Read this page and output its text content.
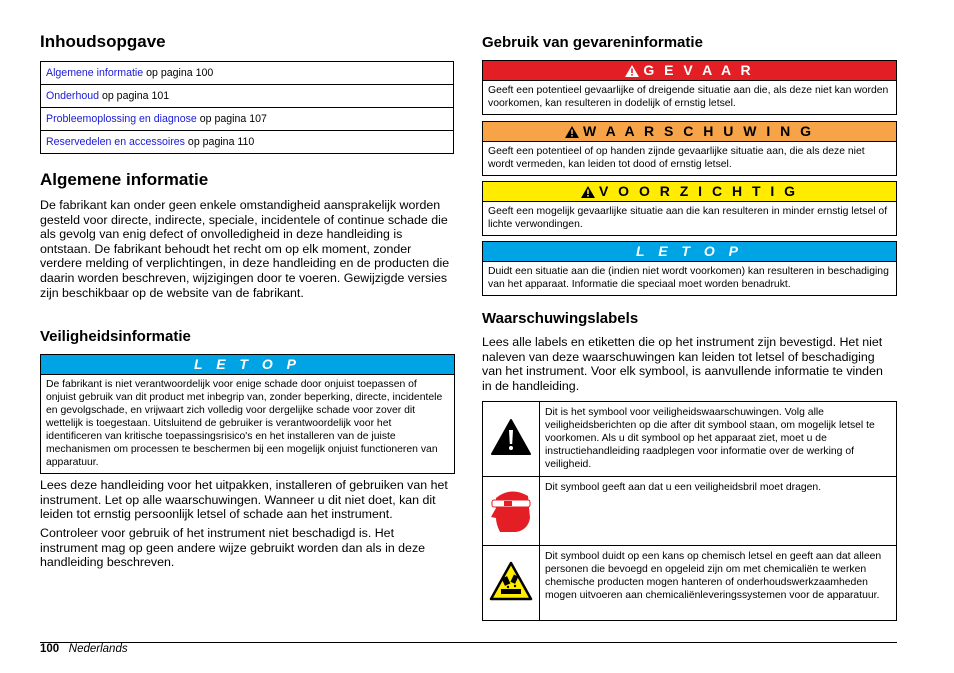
Inhoudsopgave
Algemene informatie op pagina 100
Onderhoud op pagina 101
Probleemoplossing en diagnose op pagina 107
Reservedelen en accessoires op pagina 110
Algemene informatie

De fabrikant kan onder geen enkele omstandigheid aansprakelijk worden gesteld voor directe, indirecte, speciale, incidentele of continue schade die als gevolg van enig defect of onvolledigheid in deze handleiding is ontstaan. De fabrikant behoudt het recht om op elk moment, zonder verdere melding of verplichtingen, in deze handleiding en de producten die daarin worden beschreven, wijzigingen door te voeren. Gewijzigde versies zijn beschikbaar op de website van de fabrikant.

Veiligheidsinformatie
L E T O P
De fabrikant is niet verantwoordelijk voor enige schade door onjuist toepassen of onjuist gebruik van dit product met inbegrip van, zonder beperking, directe, incidentele en gevolgschade, en vrijwaart zich volledig voor dergelijke schade voor zover dit wettelijk is toegestaan. Uitsluitend de gebruiker is verantwoordelijk voor het identificeren van kritische toepassingsrisico's en het installeren van de juiste mechanismen om processen te beschermen bij een mogelijk onjuist functioneren van apparatuur.

Lees deze handleiding voor het uitpakken, installeren of gebruiken van het instrument. Let op alle waarschuwingen. Wanneer u dit niet doet, kan dit leiden tot ernstig persoonlijk letsel of schade aan het instrument.

Controleer voor gebruik of het instrument niet beschadigd is. Het instrument mag op geen andere wijze gebruikt worden dan als in deze handleiding beschreven.

Gebruik van gevareninformatie
G E V A A R
Geeft een potentieel gevaarlijke of dreigende situatie aan die, als deze niet kan worden voorkomen, kan resulteren in dodelijk of ernstig letsel.
W A A R S C H U W I N G
Geeft een potentieel of op handen zijnde gevaarlijke situatie aan, die als deze niet wordt vermeden, kan leiden tot dood of ernstig letsel.
V O O R Z I C H T I G
Geeft een mogelijk gevaarlijke situatie aan die kan resulteren in minder ernstig letsel of lichte verwondingen.
L E T O P
Duidt een situatie aan die (indien niet wordt voorkomen) kan resulteren in beschadiging van het apparaat. Informatie die speciaal moet worden benadrukt.
Waarschuwingslabels

Lees alle labels en etiketten die op het instrument zijn bevestigd. Het niet naleven van deze waarschuwingen kan leiden tot letsel of beschadiging van het instrument. Voor elk symbool, is aanvullende informatie te vinden in de handleiding.

	Dit is het symbool voor veiligheidswaarschuwingen. Volg alle veiligheidsberichten op die after dit symbool staan, om mogelijk letsel te voorkomen. Als u dit symbool op het apparaat ziet, moet u de instructiehandleiding raadplegen voor informatie over de werking of veiligheid.
	Dit symbool geeft aan dat u een veiligheidsbril moet dragen.
	Dit symbool duidt op een kans op chemisch letsel en geeft aan dat alleen personen die bevoegd en opgeleid zijn om met chemicaliën te werken chemische producten mogen hanteren of onderhoudswerkzaamheden mogen uitvoeren aan chemicaliënleveringssystemen voor de apparatuur.
100 Nederlands
